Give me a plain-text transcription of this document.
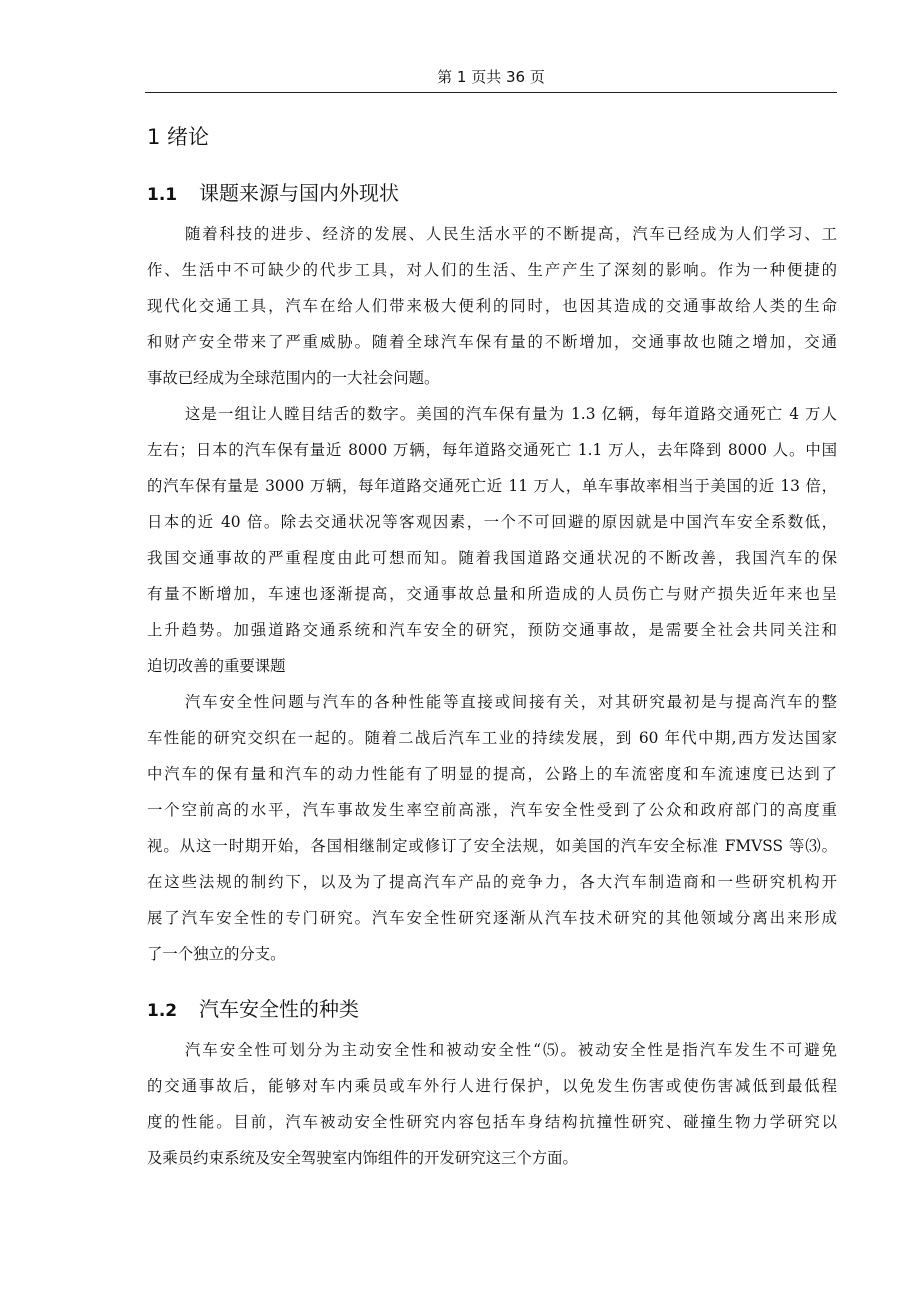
第 1 页共 36 页
1 绪论
1.1 课题来源与国内外现状
随着科技的进步、经济的发展、人民生活水平的不断提高，汽车已经成为人们学习、工
作、生活中不可缺少的代步工具，对人们的生活、生产产生了深刻的影响。作为一种便捷的
现代化交通工具，汽车在给人们带来极大便利的同时，也因其造成的交通事故给人类的生命
和财产安全带来了严重威胁。随着全球汽车保有量的不断增加，交通事故也随之增加，交通
事故已经成为全球范围内的一大社会问题。
这是一组让人瞠目结舌的数字。美国的汽车保有量为 1.3 亿辆，每年道路交通死亡 4 万人
左右；日本的汽车保有量近 8000 万辆，每年道路交通死亡 1.1 万人，去年降到 8000 人。中国
的汽车保有量是 3000 万辆，每年道路交通死亡近 11 万人，单车事故率相当于美国的近 13 倍，
日本的近 40 倍。除去交通状况等客观因素，一个不可回避的原因就是中国汽车安全系数低，
我国交通事故的严重程度由此可想而知。随着我国道路交通状况的不断改善，我国汽车的保
有量不断增加，车速也逐渐提高，交通事故总量和所造成的人员伤亡与财产损失近年来也呈
上升趋势。加强道路交通系统和汽车安全的研究，预防交通事故，是需要全社会共同关注和
迫切改善的重要课题
汽车安全性问题与汽车的各种性能等直接或间接有关，对其研究最初是与提高汽车的整
车性能的研究交织在一起的。随着二战后汽车工业的持续发展，到 60 年代中期,西方发达国家
中汽车的保有量和汽车的动力性能有了明显的提高，公路上的车流密度和车流速度已达到了
一个空前高的水平，汽车事故发生率空前高涨，汽车安全性受到了公众和政府部门的高度重
视。从这一时期开始，各国相继制定或修订了安全法规，如美国的汽车安全标准 FMVSS 等⑶。
在这些法规的制约下，以及为了提高汽车产品的竞争力，各大汽车制造商和一些研究机构开
展了汽车安全性的专门研究。汽车安全性研究逐渐从汽车技术研究的其他领域分离出来形成
了一个独立的分支。
1.2 汽车安全性的种类
汽车安全性可划分为主动安全性和被动安全性“⑸。被动安全性是指汽车发生不可避免
的交通事故后，能够对车内乘员或车外行人进行保护，以免发生伤害或使伤害减低到最低程
度的性能。目前，汽车被动安全性研究内容包括车身结构抗撞性研究、碰撞生物力学研究以
及乘员约束系统及安全驾驶室内饰组件的开发研究这三个方面。
